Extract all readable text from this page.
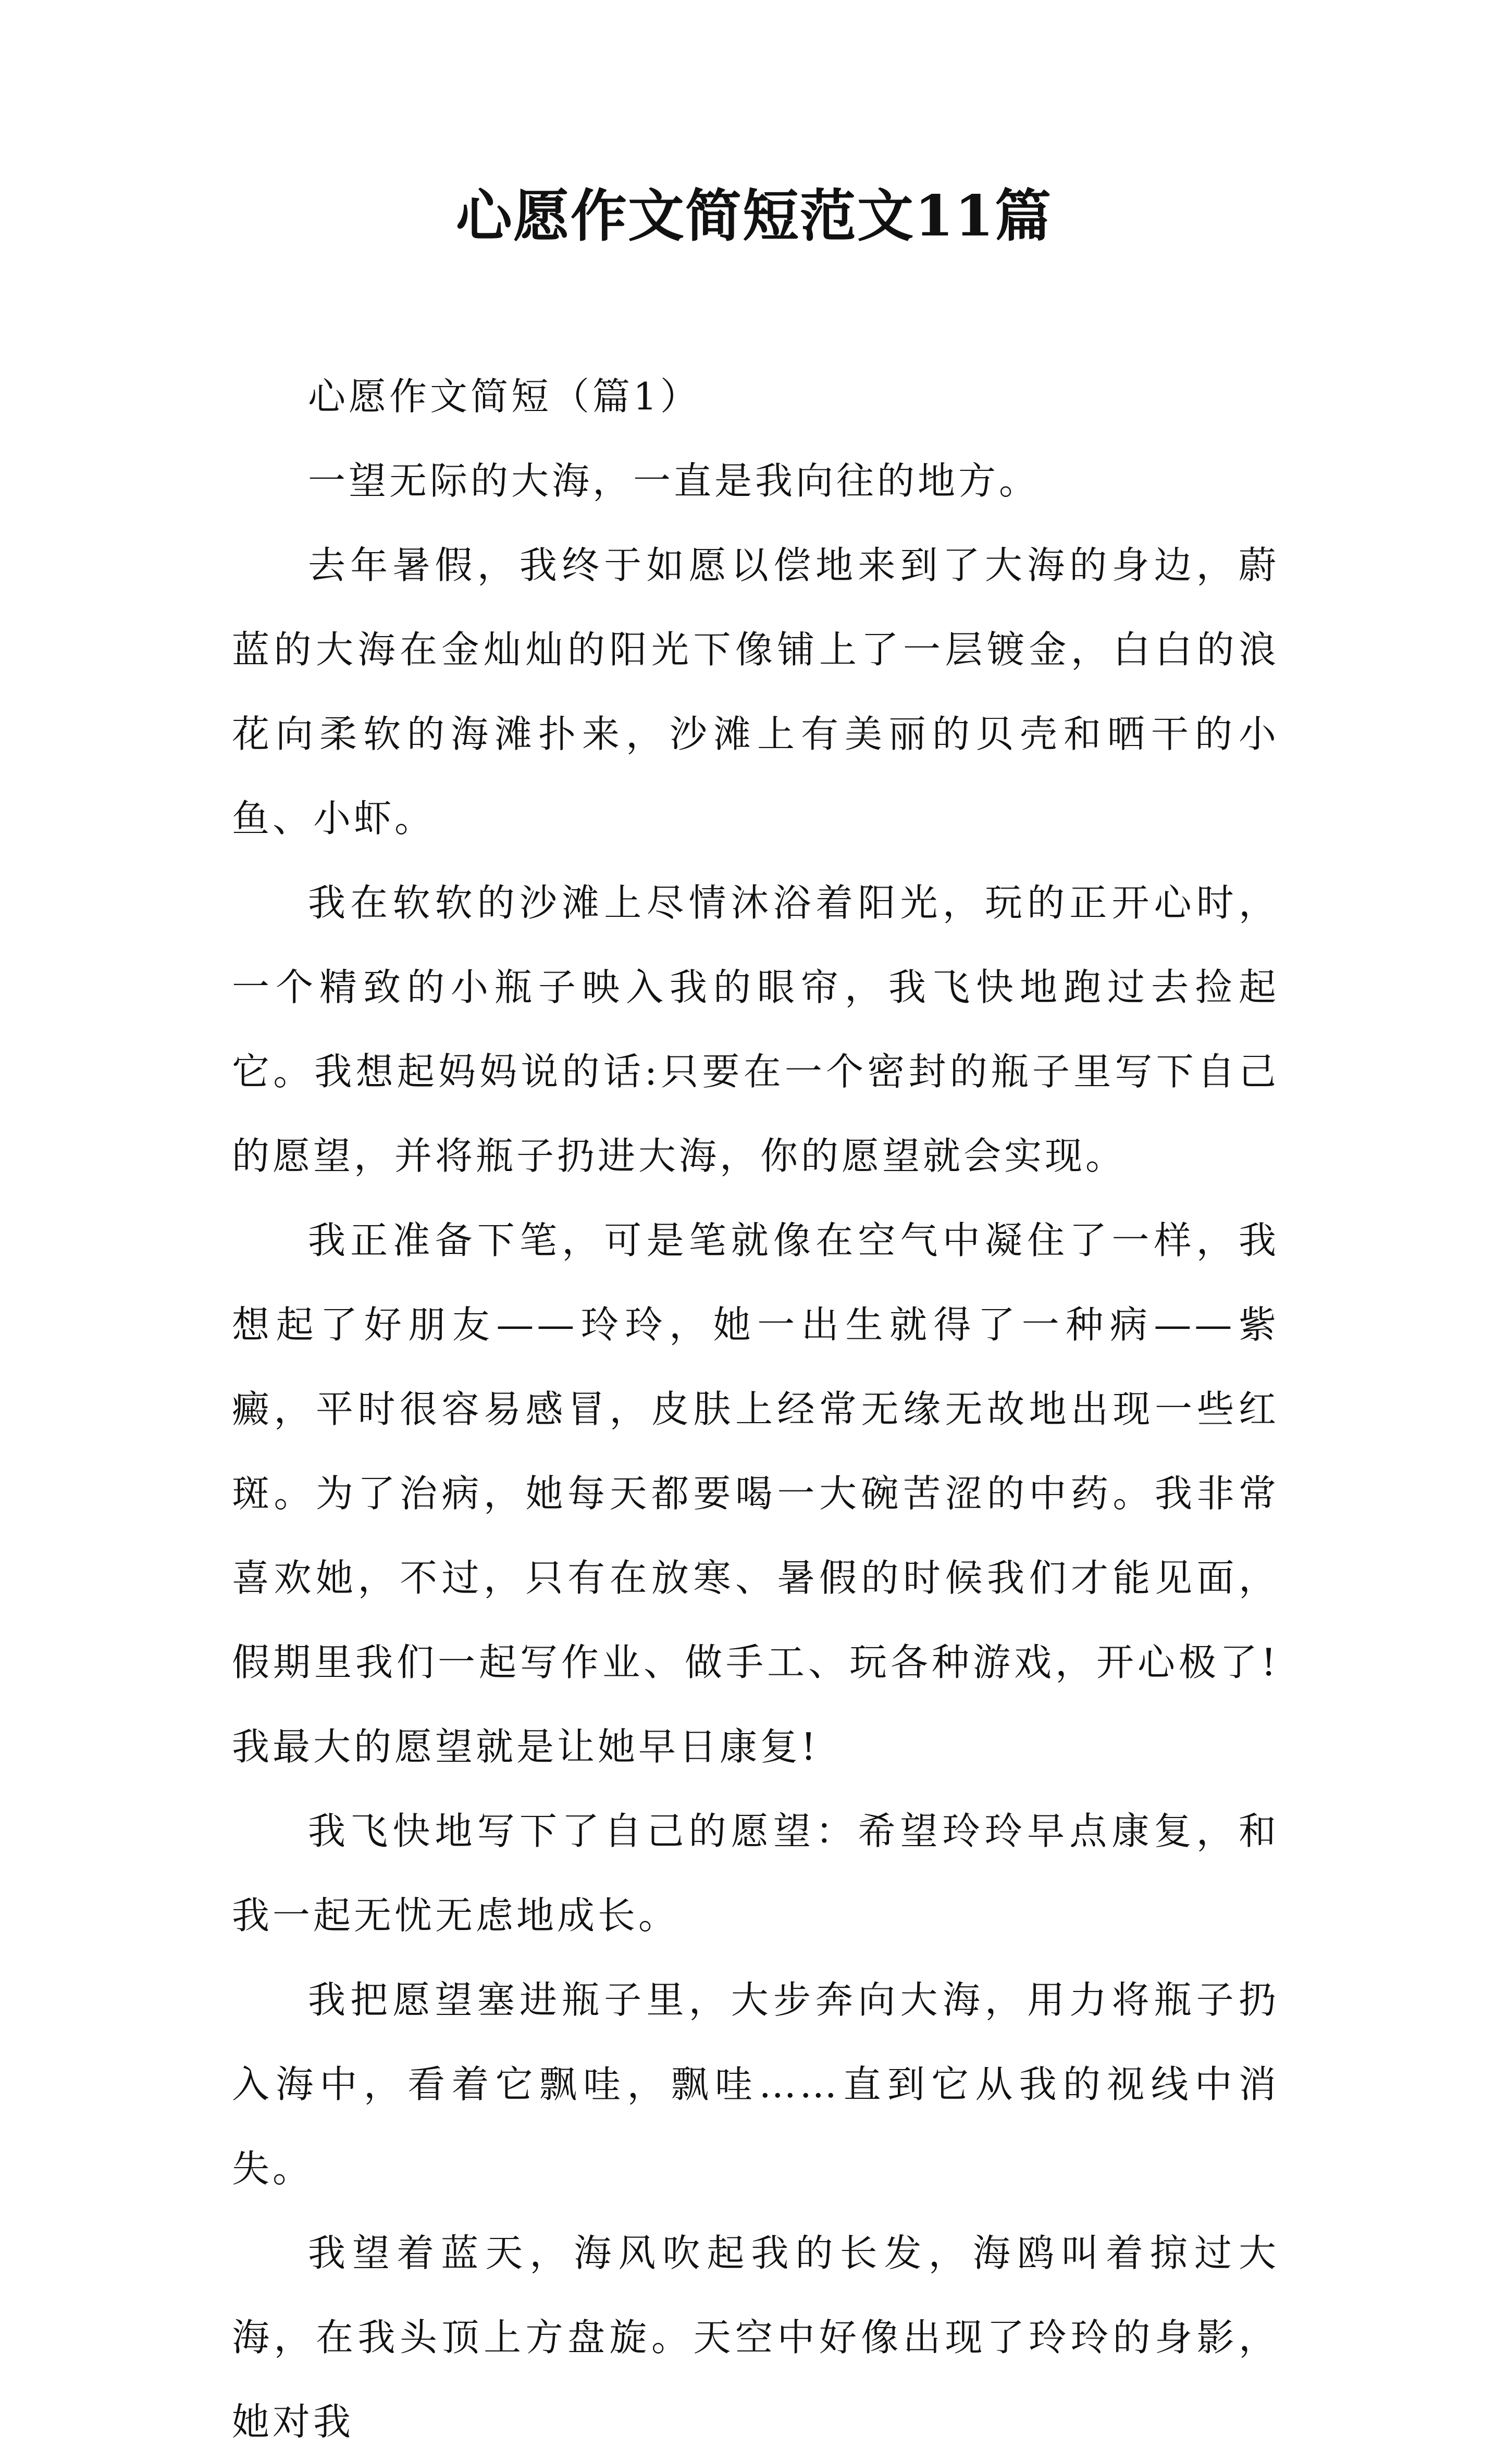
心愿作文简短范文11篇

心愿作文简短（篇1）

一望无际的大海，一直是我向往的地方。

去年暑假，我终于如愿以偿地来到了大海的身边，蔚蓝的大海在金灿灿的阳光下像铺上了一层镀金，白白的浪花向柔软的海滩扑来，沙滩上有美丽的贝壳和晒干的小鱼、小虾。

我在软软的沙滩上尽情沐浴着阳光，玩的正开心时，一个精致的小瓶子映入我的眼帘，我飞快地跑过去捡起它。我想起妈妈说的话:只要在一个密封的瓶子里写下自己的愿望，并将瓶子扔进大海，你的愿望就会实现。

我正准备下笔，可是笔就像在空气中凝住了一样，我想起了好朋友——玲玲，她一出生就得了一种病——紫癜，平时很容易感冒，皮肤上经常无缘无故地出现一些红斑。为了治病，她每天都要喝一大碗苦涩的中药。我非常喜欢她，不过，只有在放寒、暑假的时候我们才能见面，假期里我们一起写作业、做手工、玩各种游戏，开心极了!我最大的愿望就是让她早日康复!

我飞快地写下了自己的愿望：希望玲玲早点康复，和我一起无忧无虑地成长。

我把愿望塞进瓶子里，大步奔向大海，用力将瓶子扔入海中，看着它飘哇，飘哇……直到它从我的视线中消失。

我望着蓝天，海风吹起我的长发，海鸥叫着掠过大海，在我头顶上方盘旋。天空中好像出现了玲玲的身影，她对我
